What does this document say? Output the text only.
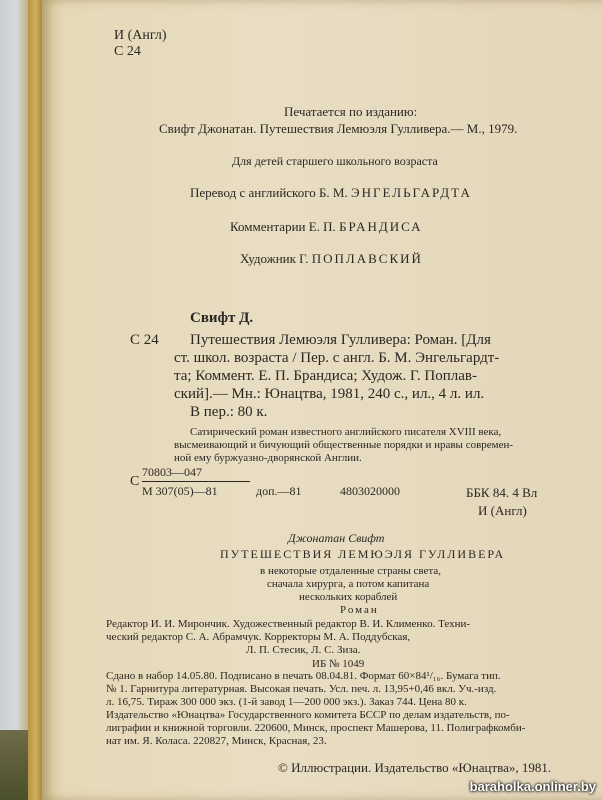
И (Англ)
С 24
Печатается по изданию:
Свифт Джонатан. Путешествия Лемюэля Гулливера.— М., 1979.
Для детей старшего школьного возраста
Перевод с английского Б. М. ЭНГЕЛЬГАРДТА
Комментарии Е. П. БРАНДИСА
Художник Г. ПОПЛАВСКИЙ
Свифт Д.
С 24 Путешествия Лемюэля Гулливера: Роман. [Для
ст. школ. возраста / Пер. с англ. Б. М. Энгельгардт-
та; Коммент. Е. П. Брандиса; Худож. Г. Поплав-
ский].— Мн.: Юнацтва, 1981, 240 с., ил., 4 л. ил.
В пер.: 80 к.
Сатирический роман известного английского писателя XVIII века,
высмеивающий и бичующий общественные порядки и нравы современ-
ной ему буржуазно-дворянской Англии.
С
70803—047
М 307(05)—81	доп.—81	4803020000	ББК 84. 4 Вл
И (Англ)
Джонатан Свифт
ПУТЕШЕСТВИЯ ЛЕМЮЭЛЯ ГУЛЛИВЕРА
в некоторые отдаленные страны света,
сначала хирурга, а потом капитана
нескольких кораблей
Роман
Редактор И. И. Мирончик. Художественный редактор В. И. Клименко. Техни-
ческий редактор С. А. Абрамчук. Корректоры М. А. Поддубская,
Л. П. Стесик, Л. С. Зиза.
ИБ № 1049
Сдано в набор 14.05.80. Подписано в печать 08.04.81. Формат 60×84¹/₁₆. Бумага тип.
№ 1. Гарнитура литературная. Высокая печать. Усл. печ. л. 13,95+0,46 вкл. Уч.-изд.
л. 16,75. Тираж 300 000 экз. (1-й завод 1—200 000 экз.). Заказ 744. Цена 80 к.
Издательство «Юнацтва» Государственного комитета БССР по делам издательств, по-
лиграфии и книжной торговли. 220600, Минск, проспект Машерова, 11. Полиграфкомби-
нат им. Я. Коласа. 220827, Минск, Красная, 23.
© Иллюстрации. Издательство «Юнацтва», 1981.
baraholka.onliner.by
